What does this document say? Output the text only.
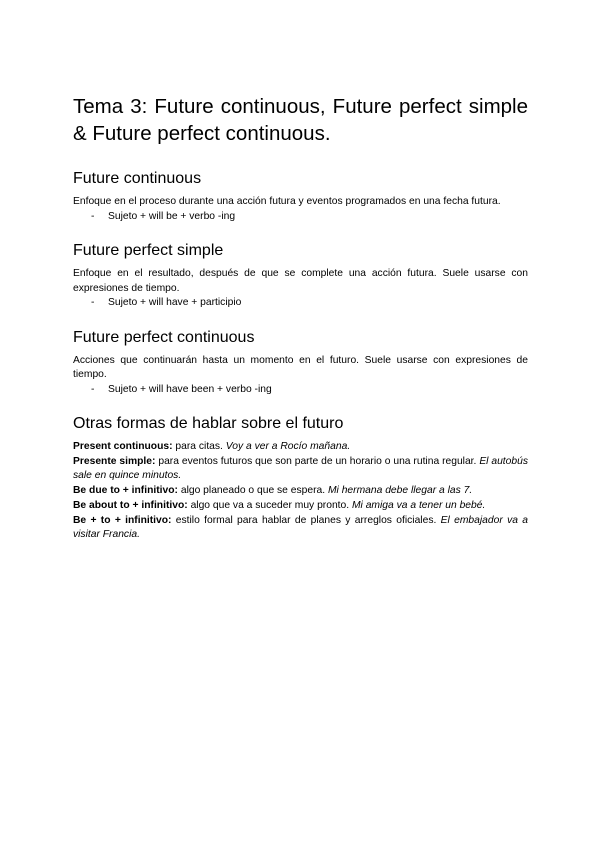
Tema 3: Future continuous, Future perfect simple & Future perfect continuous.
Future continuous

Enfoque en el proceso durante una acción futura y eventos programados en una fecha futura.

- Sujeto + will be + verbo -ing
Future perfect simple

Enfoque en el resultado, después de que se complete una acción futura. Suele usarse con expresiones de tiempo.

- Sujeto + will have + participio
Future perfect continuous

Acciones que continuarán hasta un momento en el futuro. Suele usarse con expresiones de tiempo.

- Sujeto + will have been + verbo -ing
Otras formas de hablar sobre el futuro

Present continuous: para citas. Voy a ver a Rocío mañana.

Presente simple: para eventos futuros que son parte de un horario o una rutina regular. El autobús sale en quince minutos.

Be due to + infinitivo: algo planeado o que se espera. Mi hermana debe llegar a las 7.

Be about to + infinitivo: algo que va a suceder muy pronto. Mi amiga va a tener un bebé.

Be + to + infinitivo: estilo formal para hablar de planes y arreglos oficiales. El embajador va a visitar Francia.
